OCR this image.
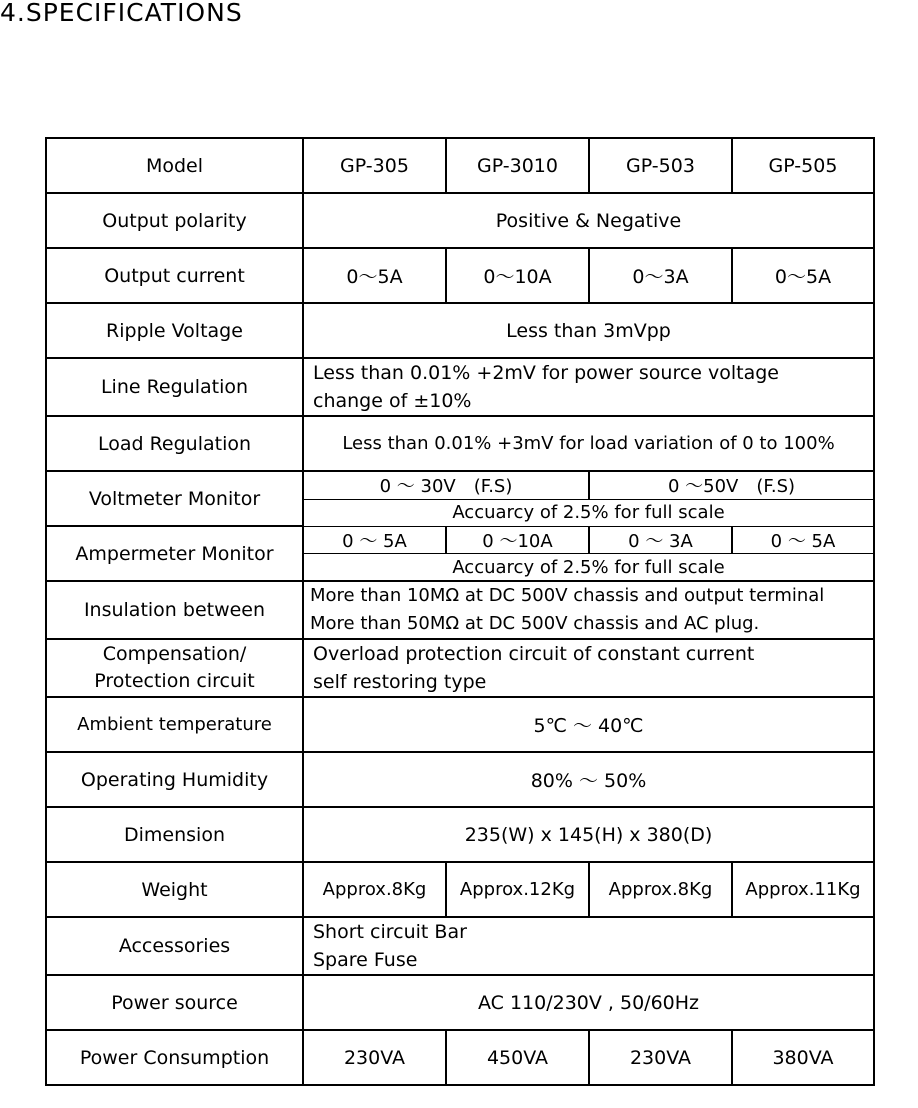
4.SPECIFICATIONS
Model	GP-305	GP-3010	GP-503	GP-505
Output polarity	Positive & Negative			
Output current	0～5A	0～10A	0～3A	0～5A
Ripple Voltage	Less than 3mVpp			
Line Regulation	Less than 0.01% +2mV for power source voltage
change of ±10%			

Load Regulation	Less than 0.01% +3mV for load variation of 0 to 100%			
Voltmeter Monitor	0 ～ 30V　(F.S)		0 ～50V　(F.S)	
	Accuarcy of 2.5% for full scale			
Ampermeter Monitor	0 ～ 5A	0 ～10A	0 ～ 3A	0 ～ 5A
	Accuarcy of 2.5% for full scale			
Insulation between	More than 10MΩ at DC 500V chassis and output terminal
More than 50MΩ at DC 500V chassis and AC plug.			

Compensation/
Protection circuit	Overload protection circuit of constant current
self restoring type			

Ambient temperature	5℃ ～ 40℃			
Operating Humidity	80% ～ 50%			
Dimension	235(W) x 145(H) x 380(D)			
Weight	Approx.8Kg	Approx.12Kg	Approx.8Kg	Approx.11Kg
Accessories	Short circuit Bar
Spare Fuse			

Power source	AC 110/230V , 50/60Hz			
Power Consumption	230VA	450VA	230VA	380VA
